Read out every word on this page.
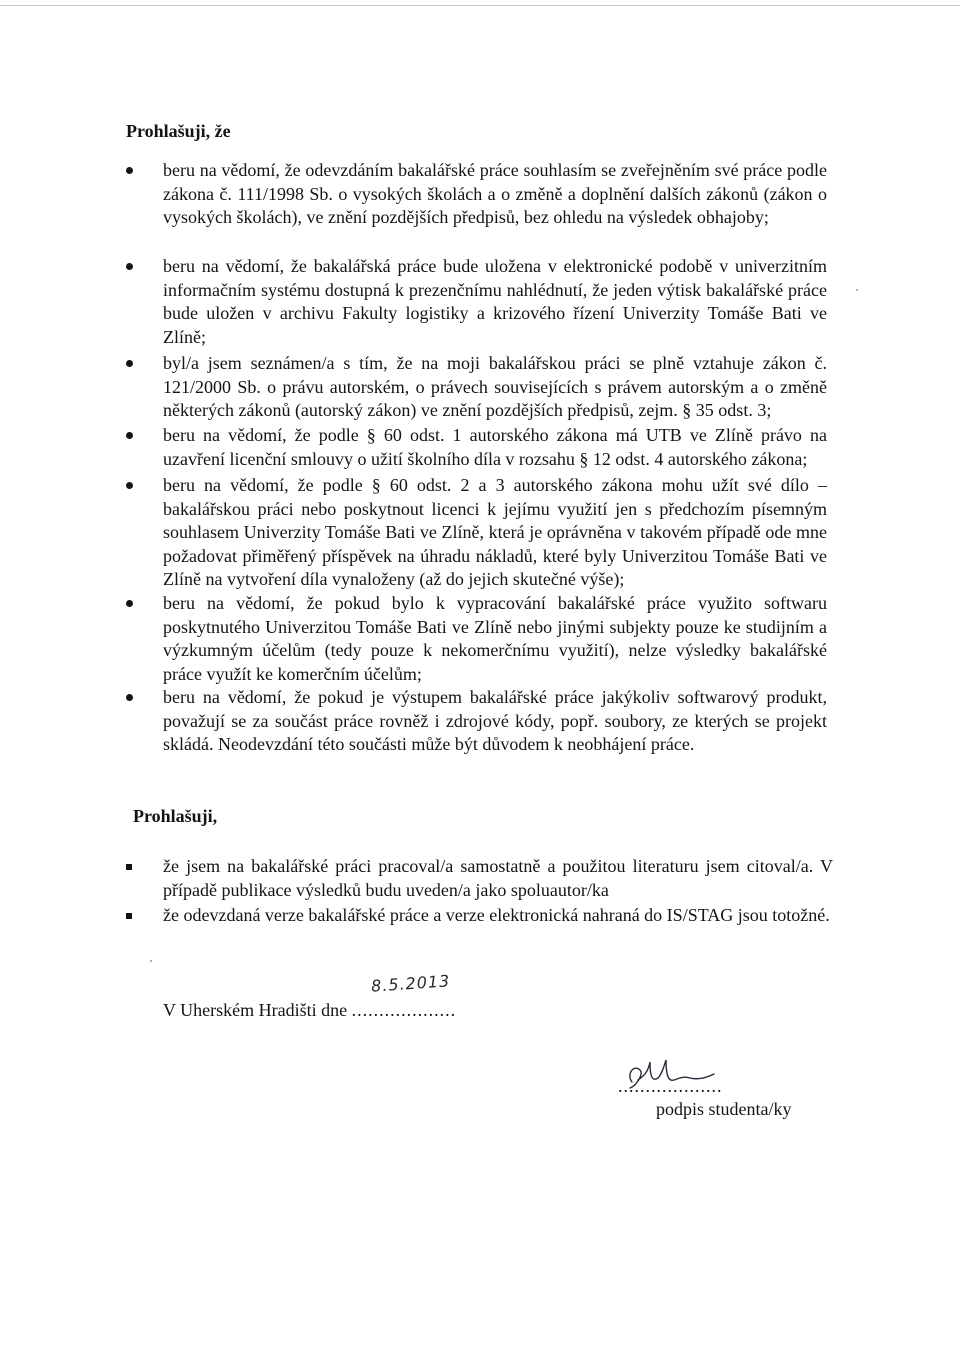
Prohlašuji, že
beru na vědomí, že odevzdáním bakalářské práce souhlasím se zveřejněním své práce podle zákona č. 111/1998 Sb. o vysokých školách a o změně a doplnění dalších zákonů (zákon o vysokých školách), ve znění pozdějších předpisů, bez ohledu na výsledek obhajoby;
beru na vědomí, že bakalářská práce bude uložena v elektronické podobě v univerzitním informačním systému dostupná k prezenčnímu nahlédnutí, že jeden výtisk bakalářské práce bude uložen v archivu Fakulty logistiky a krizového řízení Univerzity Tomáše Bati ve Zlíně;
byl/a jsem seznámen/a s tím, že na moji bakalářskou práci se plně vztahuje zákon č. 121/2000 Sb. o právu autorském, o právech souvisejících s právem autorským a o změně některých zákonů (autorský zákon) ve znění pozdějších předpisů, zejm. § 35 odst. 3;
beru na vědomí, že podle § 60 odst. 1 autorského zákona má UTB ve Zlíně právo na uzavření licenční smlouvy o užití školního díla v rozsahu § 12 odst. 4 autorského zákona;
beru na vědomí, že podle § 60 odst. 2 a 3 autorského zákona mohu užít své dílo – bakalářskou práci nebo poskytnout licenci k jejímu využití jen s předchozím písemným souhlasem Univerzity Tomáše Bati ve Zlíně, která je oprávněna v takovém případě ode mne požadovat přiměřený příspěvek na úhradu nákladů, které byly Univerzitou Tomáše Bati ve Zlíně na vytvoření díla vynaloženy (až do jejich skutečné výše);
beru na vědomí, že pokud bylo k vypracování bakalářské práce využito softwaru poskytnutého Univerzitou Tomáše Bati ve Zlíně nebo jinými subjekty pouze ke studijním a výzkumným účelům (tedy pouze k nekomerčnímu využití), nelze výsledky bakalářské práce využít ke komerčním účelům;
beru na vědomí, že pokud je výstupem bakalářské práce jakýkoliv softwarový produkt, považují se za součást práce rovněž i zdrojové kódy, popř. soubory, ze kterých se projekt skládá. Neodevzdání této součásti může být důvodem k neobhájení práce.
Prohlašuji,
že jsem na bakalářské práci pracoval/a samostatně a použitou literaturu jsem citoval/a. V případě publikace výsledků budu uveden/a jako spoluautor/ka
že odevzdaná verze bakalářské práce a verze elektronická nahraná do IS/STAG jsou totožné.
V Uherském Hradišti dne ...................
8.5.2013
...................
podpis studenta/ky
